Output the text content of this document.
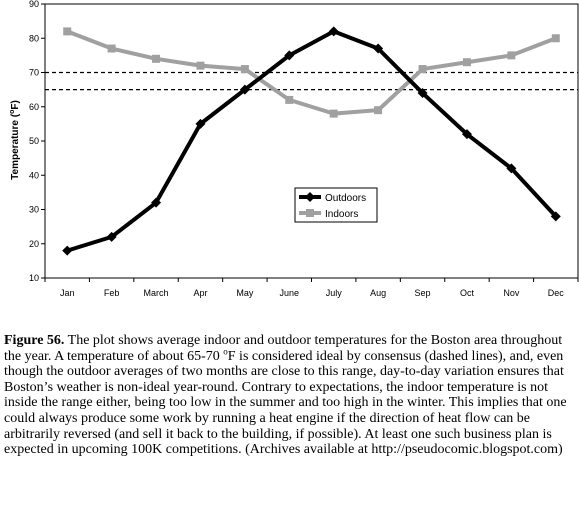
Temperature ($^o$F)
10
20
30
40
50
60
70
80
90
Jan	Feb	March	Apr	May	June	July	Aug	Sep	Oct	Nov	Dec
Outdoors
Indoors

Figure 56. The plot shows average indoor and outdoor temperatures for the Boston area throughout the year. A temperature of about 65-70 $^o$F is considered ideal by consensus (dashed lines), and, even though the outdoor averages of two months are close to this range, day-to-day variation ensures that Boston’s weather is non-ideal year-round. Contrary to expectations, the indoor temperature is not inside the range either, being too low in the summer and too high in the winter. This implies that one could always produce some work by running a heat engine if the direction of heat flow can be arbitrarily reversed (and sell it back to the building, if possible). At least one such business plan is expected in upcoming 100K competitions. (Archives available at http://pseudocomic.blogspot.com)
